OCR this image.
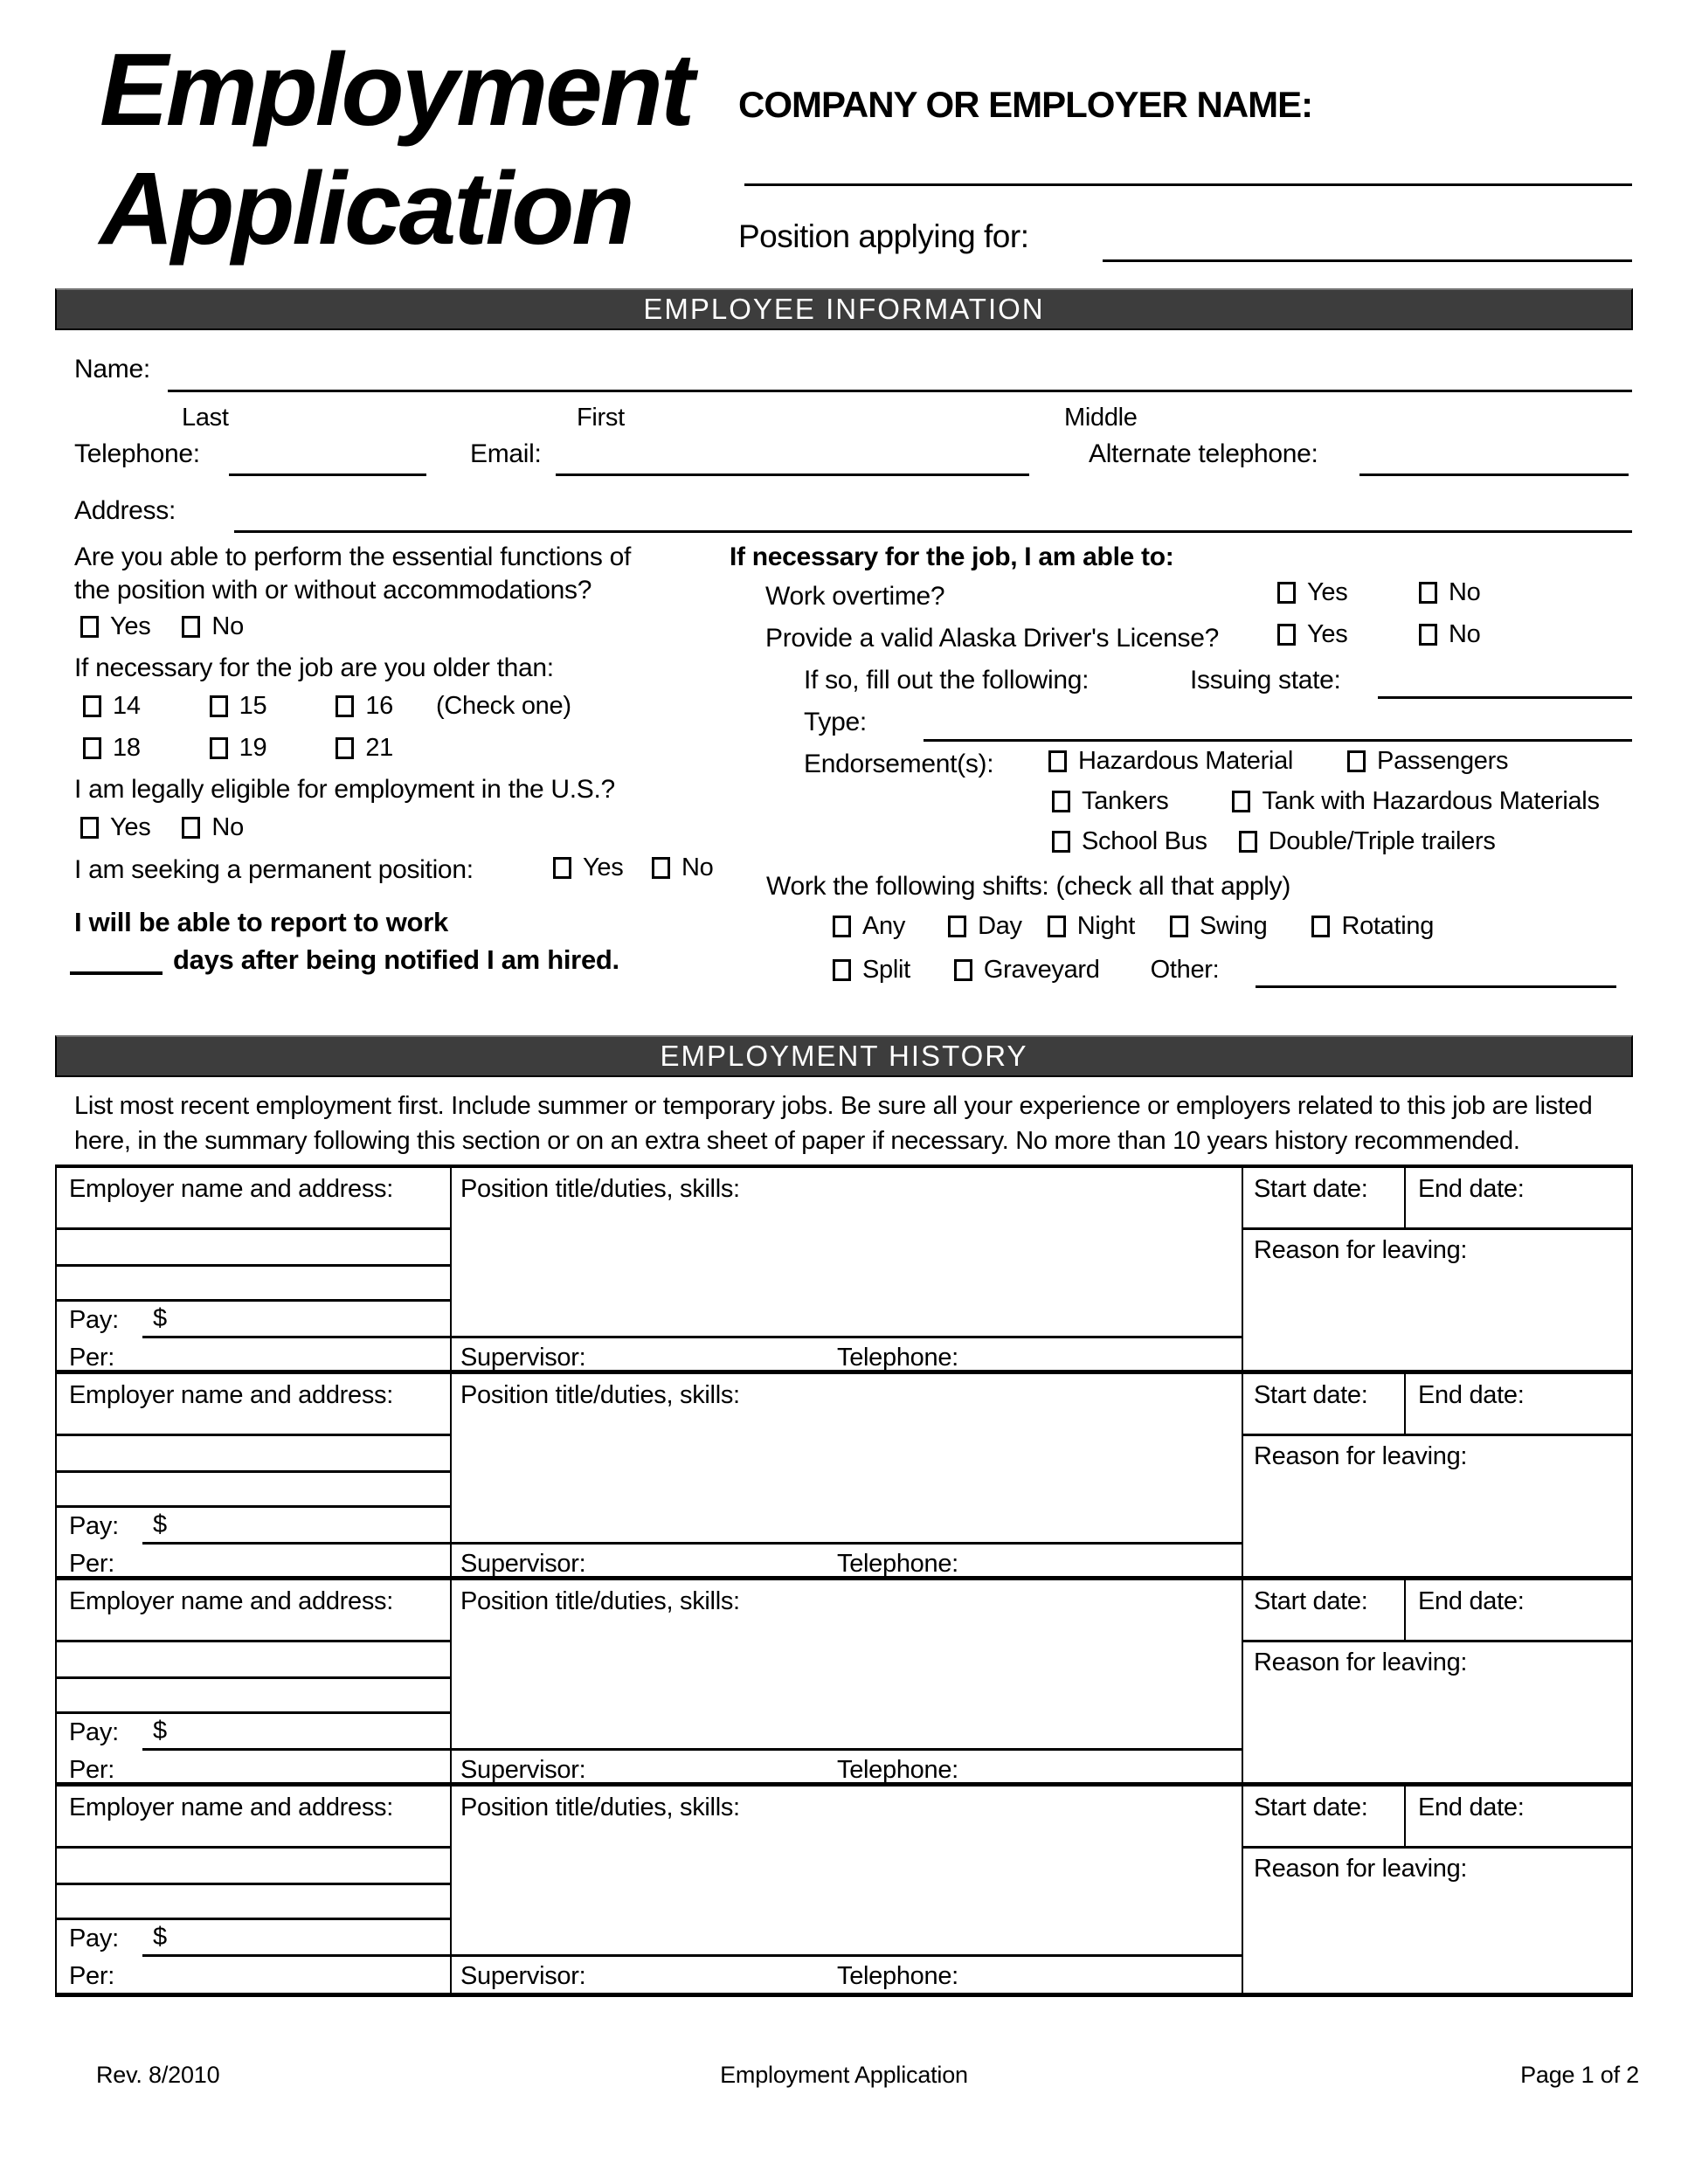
Employment
Application
COMPANY OR EMPLOYER NAME:
Position applying for:
EMPLOYEE INFORMATION
Name:
Last	First	Middle
Telephone:	Email:	Alternate telephone:
Address:
Are you able to perform the essential functions of
the position with or without accommodations?
Yes No
If necessary for the job are you older than:
14	15	16 (Check one)
18	19	21
I am legally eligible for employment in the U.S.?
Yes No
I am seeking a permanent position:	Yes No
I will be able to report to work
days after being notified I am hired.
If necessary for the job, I am able to:
Work overtime?	Yes	No
Provide a valid Alaska Driver's License?	Yes	No
If so, fill out the following:	Issuing state:
Type:
Endorsement(s):	Hazardous Material	Passengers
Tankers	Tank with Hazardous Materials
School Bus Double/Triple trailers
Work the following shifts: (check all that apply)
Any	Day Night	Swing	Rotating
Split	Graveyard Other:
EMPLOYMENT HISTORY
List most recent employment first. Include summer or temporary jobs. Be sure all your experience or employers related to this job are listed
here, in the summary following this section or on an extra sheet of paper if necessary. No more than 10 years history recommended.
Employer name and address:	Position title/duties, skills:	Start date: End date:
Reason for leaving:
Pay: $
Per:	Supervisor:	Telephone:
Employer name and address:	Position title/duties, skills:	Start date: End date:
Reason for leaving:
Pay: $
Per:	Supervisor:	Telephone:
Employer name and address:	Position title/duties, skills:	Start date: End date:
Reason for leaving:
Pay: $
Per:	Supervisor:	Telephone:
Employer name and address:	Position title/duties, skills:	Start date: End date:
Reason for leaving:
Pay: $
Per:	Supervisor:	Telephone:
Rev. 8/2010	Employment Application	Page 1 of 2
